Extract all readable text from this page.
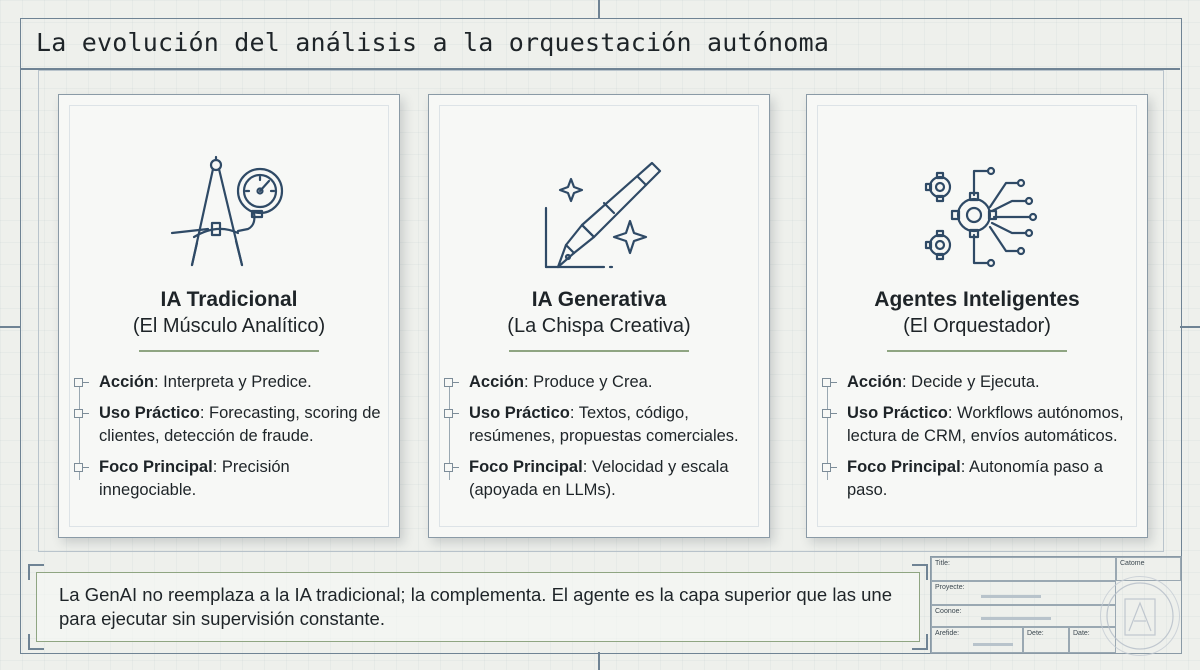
La evolución del análisis a la orquestación autónoma
IA Tradicional
(El Músculo Analítico)
Acción: Interpreta y Predice.
Uso Práctico: Forecasting, scoring de clientes, detección de fraude.
Foco Principal: Precisión innegociable.
IA Generativa
(La Chispa Creativa)
Acción: Produce y Crea.
Uso Práctico: Textos, código, resúmenes, propuestas comerciales.
Foco Principal: Velocidad y escala (apoyada en LLMs).
Agentes Inteligentes
(El Orquestador)
Acción: Decide y Ejecuta.
Uso Práctico: Workflows autónomos, lectura de CRM, envíos automáticos.
Foco Principal: Autonomía paso a paso.
La GenAI no reemplaza a la IA tradicional; la complementa. El agente es la capa superior que las une para ejecutar sin supervisión constante.
Title:	Catome
Proyecte:
Coonoe:
Arefide:	Dete:	Date:
